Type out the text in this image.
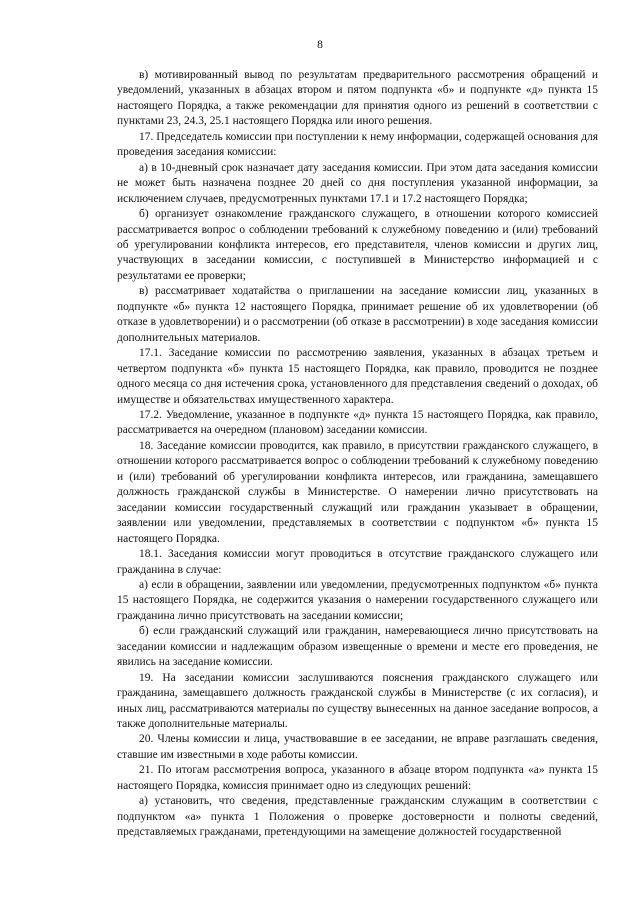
8

в) мотивированный вывод по результатам предварительного рассмотрения обращений и уведомлений, указанных в абзацах втором и пятом подпункта «б» и подпункте «д» пункта 15 настоящего Порядка, а также рекомендации для принятия одного из решений в соответствии с пунктами 23, 24.3, 25.1 настоящего Порядка или иного решения.

17. Председатель комиссии при поступлении к нему информации, содержащей основания для проведения заседания комиссии:

а) в 10-дневный срок назначает дату заседания комиссии. При этом дата заседания комиссии не может быть назначена позднее 20 дней со дня поступления указанной информации, за исключением случаев, предусмотренных пунктами 17.1 и 17.2 настоящего Порядка;

б) организует ознакомление гражданского служащего, в отношении которого комиссией рассматривается вопрос о соблюдении требований к служебному поведению и (или) требований об урегулировании конфликта интересов, его представителя, членов комиссии и других лиц, участвующих в заседании комиссии, с поступившей в Министерство информацией и с результатами ее проверки;

в) рассматривает ходатайства о приглашении на заседание комиссии лиц, указанных в подпункте «б» пункта 12 настоящего Порядка, принимает решение об их удовлетворении (об отказе в удовлетворении) и о рассмотрении (об отказе в рассмотрении) в ходе заседания комиссии дополнительных материалов.

17.1. Заседание комиссии по рассмотрению заявления, указанных в абзацах третьем и четвертом подпункта «б» пункта 15 настоящего Порядка, как правило, проводится не позднее одного месяца со дня истечения срока, установленного для представления сведений о доходах, об имуществе и обязательствах имущественного характера.

17.2. Уведомление, указанное в подпункте «д» пункта 15 настоящего Порядка, как правило, рассматривается на очередном (плановом) заседании комиссии.

18. Заседание комиссии проводится, как правило, в присутствии гражданского служащего, в отношении которого рассматривается вопрос о соблюдении требований к служебному поведению и (или) требований об урегулировании конфликта интересов, или гражданина, замещавшего должность гражданской службы в Министерстве. О намерении лично присутствовать на заседании комиссии государственный служащий или гражданин указывает в обращении, заявлении или уведомлении, представляемых в соответствии с подпунктом «б» пункта 15 настоящего Порядка.

18.1. Заседания комиссии могут проводиться в отсутствие гражданского служащего или гражданина в случае:

а) если в обращении, заявлении или уведомлении, предусмотренных подпунктом «б» пункта 15 настоящего Порядка, не содержится указания о намерении государственного служащего или гражданина лично присутствовать на заседании комиссии;

б) если гражданский служащий или гражданин, намеревающиеся лично присутствовать на заседании комиссии и надлежащим образом извещенные о времени и месте его проведения, не явились на заседание комиссии.

19. На заседании комиссии заслушиваются пояснения гражданского служащего или гражданина, замещавшего должность гражданской службы в Министерстве (с их согласия), и иных лиц, рассматриваются материалы по существу вынесенных на данное заседание вопросов, а также дополнительные материалы.

20. Члены комиссии и лица, участвовавшие в ее заседании, не вправе разглашать сведения, ставшие им известными в ходе работы комиссии.

21. По итогам рассмотрения вопроса, указанного в абзаце втором подпункта «а» пункта 15 настоящего Порядка, комиссия принимает одно из следующих решений:

а) установить, что сведения, представленные гражданским служащим в соответствии с подпунктом «а» пункта 1 Положения о проверке достоверности и полноты сведений, представляемых гражданами, претендующими на замещение должностей государственной
